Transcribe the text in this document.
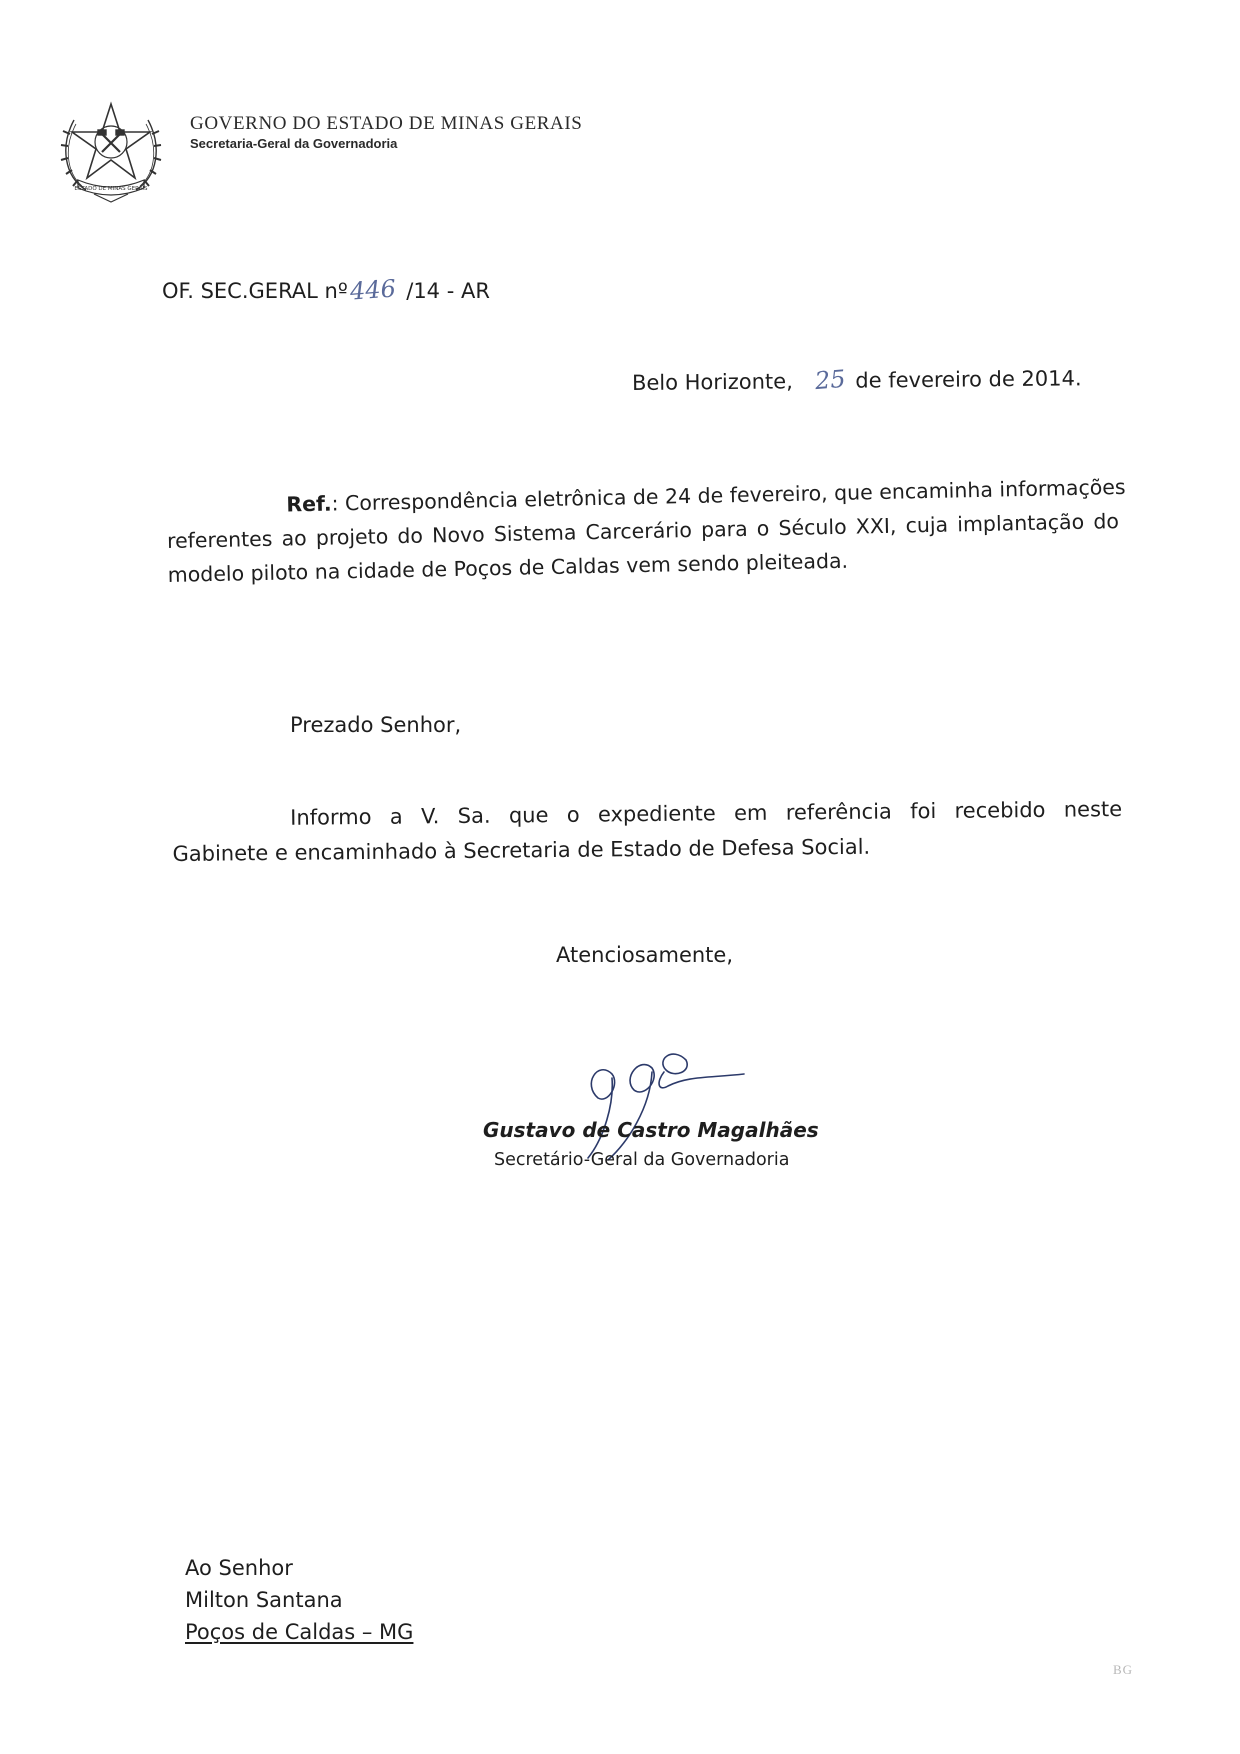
ESTADO DE MINAS GERAIS
GOVERNO DO ESTADO DE MINAS GERAIS
Secretaria-Geral da Governadoria
OF. SEC.GERAL nº446 /14 - AR
Belo Horizonte, 25 de fevereiro de 2014.
Ref.: Correspondência eletrônica de 24 de fevereiro, que encaminha informações
referentes ao projeto do Novo Sistema Carcerário para o Século XXI, cuja implantação do
modelo piloto na cidade de Poços de Caldas vem sendo pleiteada.
Prezado Senhor,
Informo a V. Sa. que o expediente em referência foi recebido neste
Gabinete e encaminhado à Secretaria de Estado de Defesa Social.
Atenciosamente,
Gustavo de Castro Magalhães
Secretário-Geral da Governadoria
Ao Senhor
Milton Santana
Poços de Caldas – MG
BG
